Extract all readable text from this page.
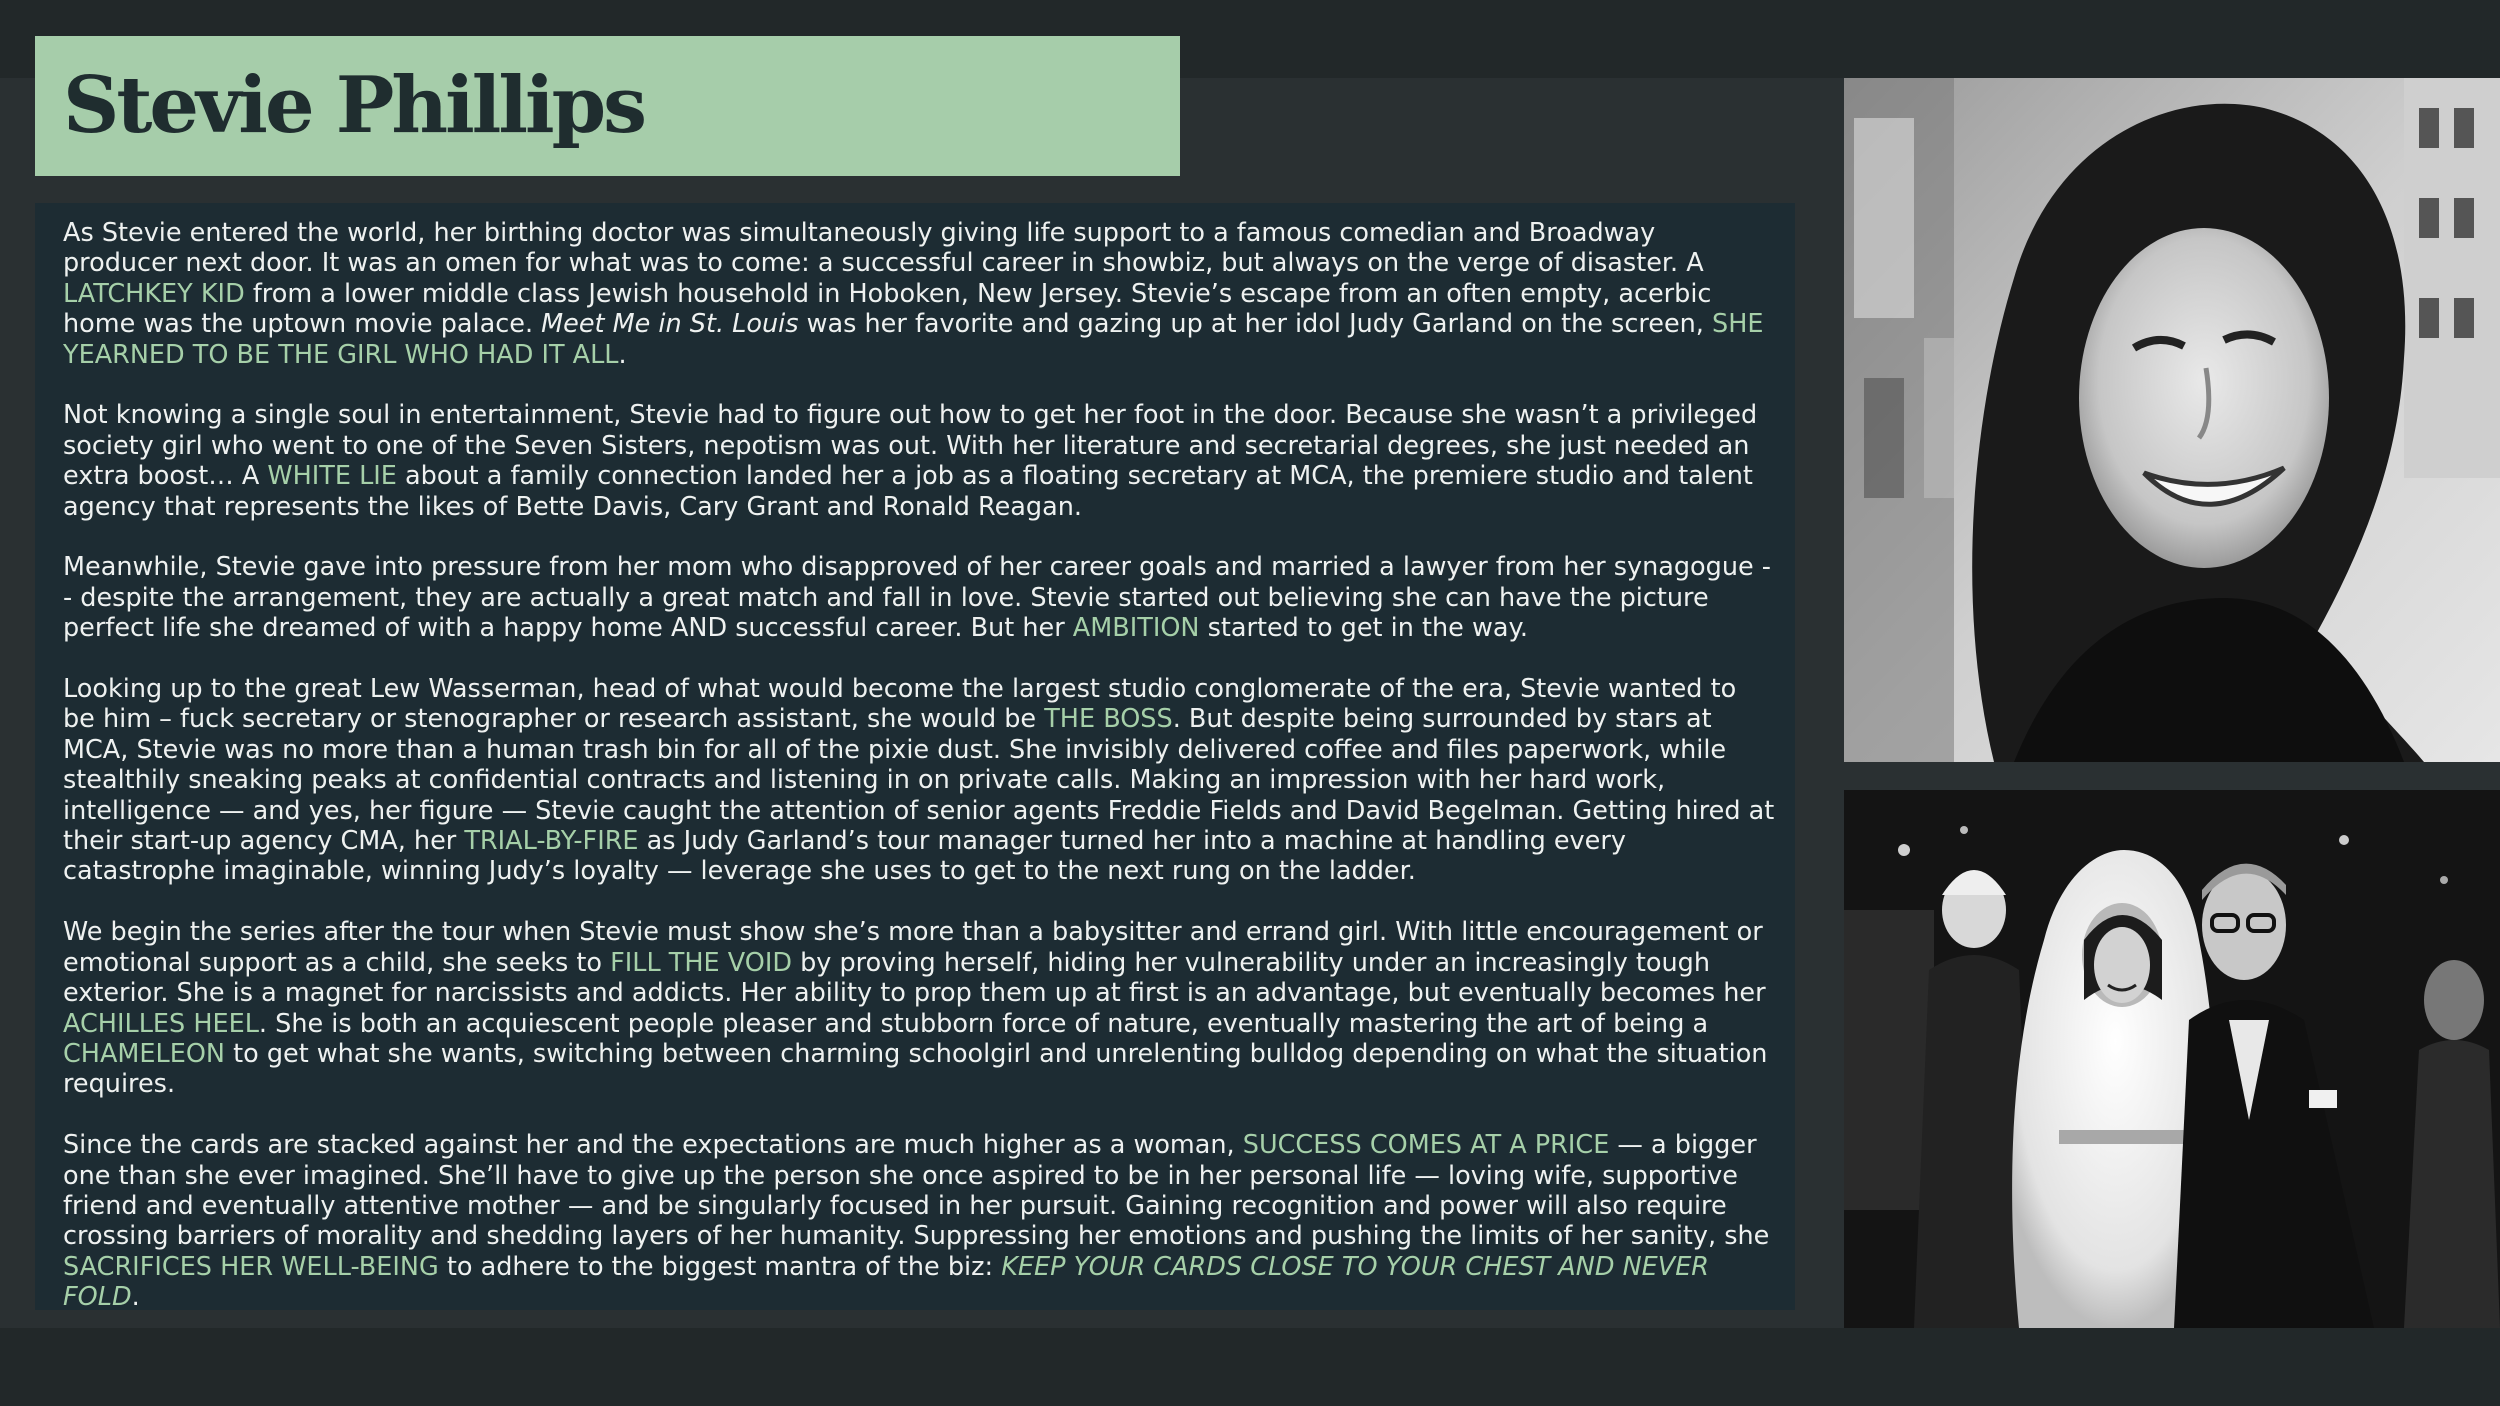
Stevie Phillips

As Stevie entered the world, her birthing doctor was simultaneously giving life support to a famous comedian and Broadway producer next door. It was an omen for what was to come: a successful career in showbiz, but always on the verge of disaster. A LATCHKEY KID from a lower middle class Jewish household in Hoboken, New Jersey. Stevie’s escape from an often empty, acerbic home was the uptown movie palace. Meet Me in St. Louis was her favorite and gazing up at her idol Judy Garland on the screen, SHE YEARNED TO BE THE GIRL WHO HAD IT ALL.

Not knowing a single soul in entertainment, Stevie had to figure out how to get her foot in the door. Because she wasn’t a privileged society girl who went to one of the Seven Sisters, nepotism was out. With her literature and secretarial degrees, she just needed an extra boost… A WHITE LIE about a family connection landed her a job as a floating secretary at MCA, the premiere studio and talent agency that represents the likes of Bette Davis, Cary Grant and Ronald Reagan.

Meanwhile, Stevie gave into pressure from her mom who disapproved of her career goals and married a lawyer from her synagogue -- despite the arrangement, they are actually a great match and fall in love. Stevie started out believing she can have the picture perfect life she dreamed of with a happy home AND successful career. But her AMBITION started to get in the way.

Looking up to the great Lew Wasserman, head of what would become the largest studio conglomerate of the era, Stevie wanted to be him – fuck secretary or stenographer or research assistant, she would be THE BOSS. But despite being surrounded by stars at MCA, Stevie was no more than a human trash bin for all of the pixie dust. She invisibly delivered coffee and files paperwork, while stealthily sneaking peaks at confidential contracts and listening in on private calls. Making an impression with her hard work, intelligence — and yes, her figure — Stevie caught the attention of senior agents Freddie Fields and David Begelman. Getting hired at their start-up agency CMA, her TRIAL-BY-FIRE as Judy Garland’s tour manager turned her into a machine at handling every catastrophe imaginable, winning Judy’s loyalty — leverage she uses to get to the next rung on the ladder.

We begin the series after the tour when Stevie must show she’s more than a babysitter and errand girl. With little encouragement or emotional support as a child, she seeks to FILL THE VOID by proving herself, hiding her vulnerability under an increasingly tough exterior. She is a magnet for narcissists and addicts. Her ability to prop them up at first is an advantage, but eventually becomes her ACHILLES HEEL. She is both an acquiescent people pleaser and stubborn force of nature, eventually mastering the art of being a CHAMELEON to get what she wants, switching between charming schoolgirl and unrelenting bulldog depending on what the situation requires.

Since the cards are stacked against her and the expectations are much higher as a woman, SUCCESS COMES AT A PRICE — a bigger one than she ever imagined. She’ll have to give up the person she once aspired to be in her personal life — loving wife, supportive friend and eventually attentive mother — and be singularly focused in her pursuit. Gaining recognition and power will also require crossing barriers of morality and shedding layers of her humanity. Suppressing her emotions and pushing the limits of her sanity, she SACRIFICES HER WELL-BEING to adhere to the biggest mantra of the biz: KEEP YOUR CARDS CLOSE TO YOUR CHEST AND NEVER FOLD.
